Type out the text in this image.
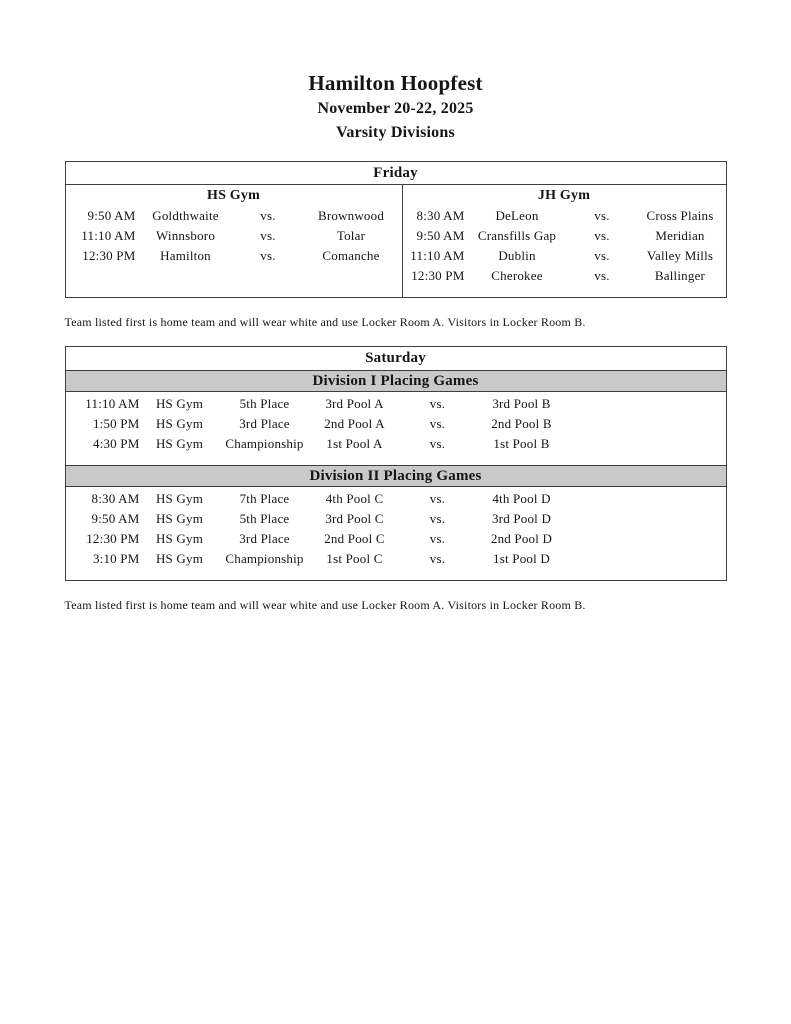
Hamilton Hoopfest
November 20-22, 2025
Varsity Divisions
Friday
HS Gym
9:50 AM	Goldthwaite	vs.	Brownwood
11:10 AM	Winnsboro	vs.	Tolar
12:30 PM	Hamilton	vs.	Comanche
JH Gym
8:30 AM	DeLeon	vs.	Cross Plains
9:50 AM	Cransfills Gap	vs.	Meridian
11:10 AM	Dublin	vs.	Valley Mills
12:30 PM	Cherokee	vs.	Ballinger

Team listed first is home team and will wear white and use Locker Room A. Visitors in Locker Room B.

Saturday
Division I Placing Games
11:10 AM	HS Gym	5th Place	3rd Pool A	vs.	3rd Pool B
1:50 PM	HS Gym	3rd Place	2nd Pool A	vs.	2nd Pool B
4:30 PM	HS Gym	Championship	1st Pool A	vs.	1st Pool B
Division II Placing Games
8:30 AM	HS Gym	7th Place	4th Pool C	vs.	4th Pool D
9:50 AM	HS Gym	5th Place	3rd Pool C	vs.	3rd Pool D
12:30 PM	HS Gym	3rd Place	2nd Pool C	vs.	2nd Pool D
3:10 PM	HS Gym	Championship	1st Pool C	vs.	1st Pool D

Team listed first is home team and will wear white and use Locker Room A. Visitors in Locker Room B.
